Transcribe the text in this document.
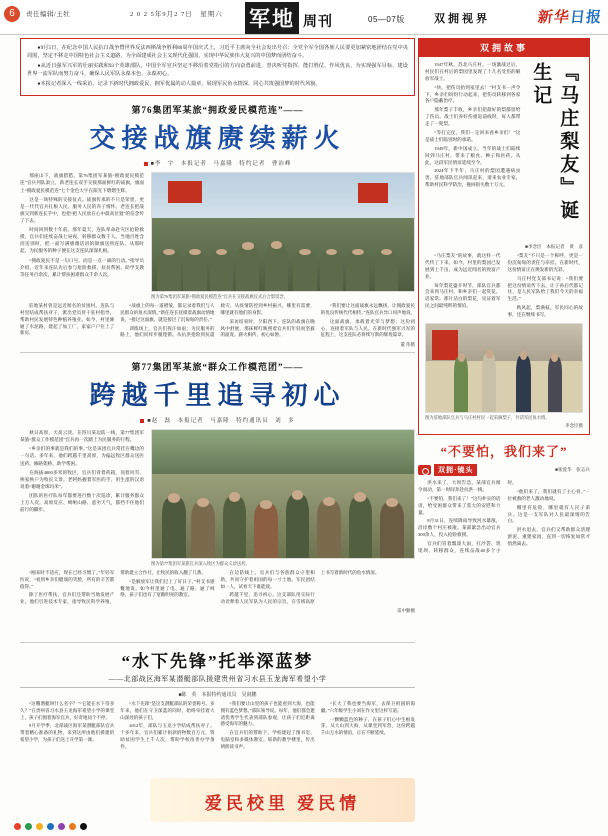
6	责任编辑/王牡	2 0 2 5年9月2 7日　星期六 军地 周刊	05—07版	双拥视界	新华日报

●9月5日，在纪念中国人民抗日战争暨世界反法西斯战争胜利80周年国庆式上，习近平主席向全社会发出号召：全党全军全国各族人民要更加紧密地团结在党中央周围，坚定不移走中国特色社会主义道路，为全面建成社会主义现代化强国、实现中华民族伟大复兴的中国梦而团结奋斗。

●从近日强军兴军的壮丽实践和93个英雄部队，中国全军官兵坚定不移沿着党指引的方向奋勇前进，坚决听党指挥、能打胜仗、作风优良，为实现强军目标、建设世界一流军队而努力奋斗，确保人民军队永葆本色、永葆初心。

●本报记者深入一线采访，记录下新时代拥政爱民、拥军优属的动人篇章，展现军民鱼水情深、同心共筑强国梦的时代风貌。

第76集团军某旅“拥政爱民模范连”——
交接战旗赓续薪火
■李　宇　本报记者　马嘉隆　特约记者　曹治峰

那座山下，战旗猎猎。第76集团军某旅“拥政爱民模范连”官兵列队肃立，新老连长双手交接那面鲜红的战旗，旗面上“拥政爱民模范连”七个金色大字在阳光下熠熠生辉。

这是一场特殊的交接仪式。战旗传承的不只是荣誉，更是一代代官兵扎根人民、服务人民的赤子情怀。老连长把战旗交到新连长手中，也把“把人民放在心中最高位置”的信念传了下去。

时间回到数十年前。那年夏天，连队奉命赴灾区抢险救援，官兵们连续奋战七昼夜，转移群众数千人。当地百姓含泪送别时，把一面写满感谢话语的锦旗送到连队。从那时起，为民服务的种子便在这支连队深深扎根。

“拥政爱民不是一句口号，而是一点一滴的行动。”指导员介绍，近年来连队先后参与抢险救援、扶贫帮困、助学支教等任务百余次，累计帮扶困难群众千余人次。

图为第76集团军某旅“拥政爱民模范连”官兵在交接战旗仪式后合影留念。

驻地某村曾是远近闻名的贫困村。连队与村里结成帮扶对子，派出党员骨干驻村指导，帮助村民发展特色种植养殖业。如今，村里修通了水泥路，建起了加工厂，家家户户住上了新房。

“战旗上的每一道褶皱，都记录着我们与人民群众的鱼水深情。”新任连长抚摸着战旗动情地说，“接过这面旗，就是接过了沉甸甸的责任。”

训练场上，官兵们挥汗如雨；为民服务的路上，他们同样步履铿锵。从抗洪抢险到抗震救灾，从疫情防控到乡村振兴，哪里有需要，哪里就有他们的身影。

采访结束时，夕阳西下。连队的战旗在晚风中舒展，那抹鲜红映照着官兵们年轻而坚毅的面庞。薪火相传，初心如磐。

“我们要让这面战旗永远飘扬，让拥政爱民的优良传统代代相传。”连队官兵异口同声地说。

这面战旗，承载着光荣与梦想；这份初心，连接着军队与人民。在新时代强军兴军的征程上，这支连队必将续写新的辉煌篇章。

董 伟摄
第77集团军某旅“群众工作模范团”——
跨越千里追寻初心
■赵　磊　本报记者　马嘉隆　特约通讯员　刘　多

秋日高原，天高云淡。在四川某边防一线，第77集团军某旅“群众工作模范团”官兵再一次踏上为民服务的行程。

“乡亲们的事就是我们的事。”这是该团官兵常挂在嘴边的一句话。多年来，他们跨越千里高原，为偏远牧区群众送医送药、修路架桥、助学帮困。

在海拔4000多米的牧区，官兵们背着药箱，顶着风雪，挨家挨户为牧民义诊。老阿妈握着军医的手，用生涩的汉语说着“谢谢金珠玛米”。

团队的医疗队每年都要进行数十次巡诊，累计服务群众上万人次。高原反应、崎岖山路、恶劣天气，都挡不住他们前行的脚步。

图为第77集团军某旅官兵深入牧区为群众义诊送药。

“刚来时不适应，现在已经习惯了。”年轻军医说，“看到乡亲们健康的笑脸，所有的辛苦都值得。”

除了医疗帮扶，官兵们还帮助当地发展产业。他们引进技术专家，指导牧民科学养殖，帮助建立合作社，让牧民的收入翻了几番。

“是解放军让我们过上了好日子。”村支书感慨地说。如今村里通了电、通了路、通了网络，孩子们也有了宽敞明亮的教室。

在边防线上，官兵们与各族群众守望相助，共同守护着祖国的每一寸土地。军民团结如一人，试看天下谁能敌。

跨越千里，追寻初心。这支部队用实际行动诠释着人民军队为人民的宗旨，在雪域高原上书写着新时代的鱼水情深。

雷中勤摄
双拥故事

1947年秋，苏北马庄村。一场激战过后，村民们在村后的梨园里发现了十几名受伤的解放军战士。

“快，把伤员抬到家里去！”村支书一声令下，乡亲们纷纷行动起来，把伤员转移到各家各户隐蔽治疗。

那年梨子丰收，乡亲们把最好的梨都留给了伤员。战士们养好伤重返前线时，每人都带走了一兜梨。

“等打完仗，我们一定回来看乡亲们！”这是战士们临别时的承诺。

1949年，新中国成立。当年的战士们陆续回到马庄村，带来了粮食、种子和医药。从此，这段军民情谊延续至今。

2024年下半年，马庄村的梨园遭遇病虫害。驻地部队官兵闻讯赶来，请来农业专家，帮助村民科学防治，挽回损失数十万元。	『马庄梨友』诞生记
■李念臣　本报记者　黄　彦

“马庄梨友”的故事，就这样一代代传了下来。如今，村里的梨园已发展到上千亩，成为远近闻名的致富产业。

每年梨花盛开时节，部队官兵都会来到马庄村，和乡亲们一起赏花、话家常。那片洁白的梨花，见证着军民之间最纯粹的情谊。

“梨友”不只是一个称呼，更是一份沉甸甸的责任与牵挂。在新时代，这份情谊正在焕发新的光彩。

马庄村党支部书记说：“我们要把这份情谊传下去，让子孙后代都记住，是人民军队给了我们今天的幸福生活。”

秋风起，梨满枝。军民同心的故事，还在继续书写。

图为驻地部队官兵与马庄村村民一起采摘梨子，共话军民鱼水情。
李念臣摄
“不要怕，我们来了”
双拥·镜头	■张爱华　张志兵

洪水来了，大坝告急。某部官兵闻令而动，第一时间奔赴抗洪一线。

“不要怕，我们来了！”这句朴实的话语，给受困群众带来了莫大的安慰和力量。

8月31日，连续降雨导致河水暴涨，沿岸数个村庄被淹。某部紧急出动官兵300余人，投入抢险救援。

官兵们冒着瓢泼大雨，扛沙袋、筑堤坝、转移群众，连续奋战40多个小时。

“他们来了，我们就有了主心骨。”一位被救的老人激动地说。

哪里有危险，哪里就有人民子弟兵。这是一支军队对人民最深情的告白。

洪水退去，官兵们又帮助群众清理淤泥、重建家园，直到一切恢复如常才悄然离去。

“水下先锋”托举深蓝梦
——北部战区海军某潜艇部队援建贵州省习水县玉龙海军希望小学
■陈　英　本报特约通讯员　吴润鹏

“这艘潜艇叫什么名字？”“它能在水下待多久？”在贵州省习水县玉龙海军希望小学的课堂上，孩子们围着海军官兵，好奇地问个不停。

9月开学季，北部战区海军某潜艇部队官兵带着精心准备的礼物，来到这所由他们援建的希望小学，为孩子们送上开学第一课。

“水下先锋”是这支潜艇部队的荣誉称号。多年来，他们在守卫深蓝的同时，始终牵挂着大山深处的孩子们。

2012年，部队与玉龙小学结成帮扶对子。十多年来，官兵们累计捐款捐物数百万元，资助贫困学生上千人次，帮助学校改善办学条件。

“我们要让山里的孩子也能看到大海，也能拥有蓝色梦想。”部队领导说。每年，他们都会邀请优秀学生代表到部队参观，让孩子们近距离感受海军的魅力。

在官兵们的帮助下，学校建起了图书室、电脑室和多媒体教室。崭新的教学楼里，传出朗朗读书声。

“长大了我也要当海军，去保卫祖国的海疆。”六年级学生小刘在作文里这样写道。

一颗颗蓝色的种子，在孩子们心中生根发芽。从大山到大海，从课堂到军营，这份跨越千山万水的情谊，正在不断延续。

爱民校里 爱民情
